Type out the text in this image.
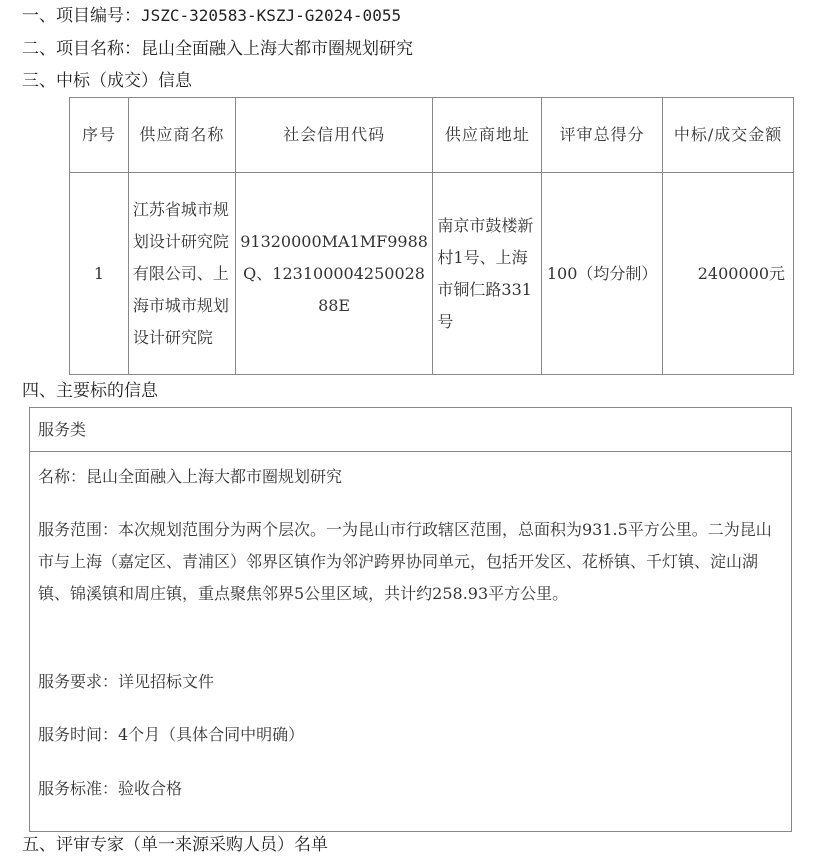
一、项目编号：JSZC-320583-KSZJ-G2024-0055
二、项目名称：昆山全面融入上海大都市圈规划研究
三、中标（成交）信息
序号	供应商名称	社会信用代码	供应商地址	评审总得分	中标/成交金额
1	江苏省城市规划设计研究院有限公司、上海市城市规划设计研究院	91320000MA1MF9988Q、12310000425002888E	南京市鼓楼新村1号、上海市铜仁路331号	100（均分制）	2400000元
四、主要标的信息
服务类
名称：昆山全面融入上海大都市圈规划研究
服务范围：本次规划范围分为两个层次。一为昆山市行政辖区范围，总面积为931.5平方公里。二为昆山市与上海（嘉定区、青浦区）邻界区镇作为邻沪跨界协同单元，包括开发区、花桥镇、千灯镇、淀山湖镇、锦溪镇和周庄镇，重点聚焦邻界5公里区域，共计约258.93平方公里。
服务要求：详见招标文件
服务时间：4个月（具体合同中明确）
服务标准：验收合格
五、评审专家（单一来源采购人员）名单
